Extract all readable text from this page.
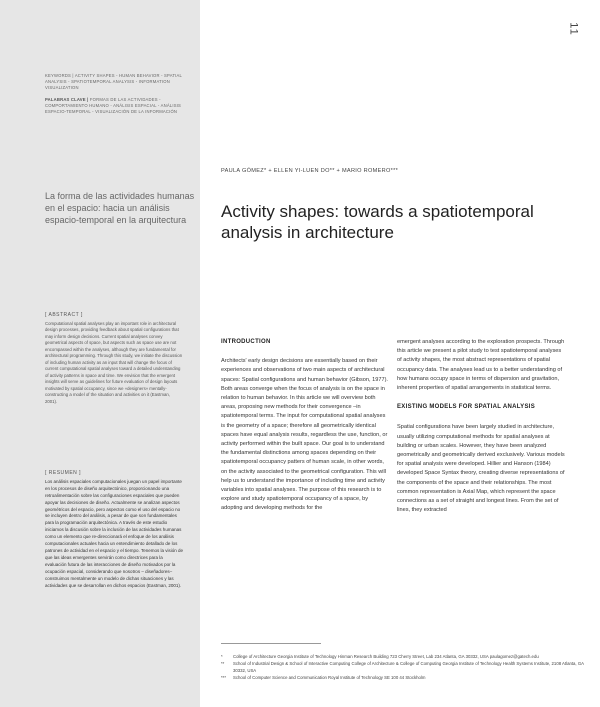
11
KEYWORDS | ACTIVITY SHAPES - HUMAN BEHAVIOR - SPATIAL ANALYSIS - SPATIOTEMPORAL ANALYSIS - INFORMATION VISUALIZATION
PALABRAS CLAVE | FORMAS DE LAS ACTIVIDADES - COMPORTAMIENTO HUMANO - ANÁLISIS ESPACIAL - ANÁLISIS ESPACIO-TEMPORAL - VISUALIZACIÓN DE LA INFORMACIÓN
La forma de las actividades humanas en el espacio: hacia un análisis espacio-temporal en la arquitectura
[ ABSTRACT ]
Computational spatial analyses play an important role in architectural design processes, providing feedback about spatial configurations that may inform design decisions. Current spatial analyses convey geometrical aspects of space, but aspects such as space use are not encompassed within the analyses, although they are fundamental for architectural programming. Through this study, we initiate the discussion of including human activity as an input that will change the focus of current computational spatial analyses toward a detailed understanding of activity patterns in space and time. We envision that the emergent insights will serve as guidelines for future evaluation of design layouts motivated by spatial occupancy, since we «designers» mentally-constructing a model of the situation and activities on it (Eastman, 2001).
[ RESUMEN ]
Los análisis espaciales computacionales juegan un papel importante en los procesos de diseño arquitectónico, proporcionando una retroalimentación sobre las configuraciones espaciales que pueden apoyar las decisiones de diseño. Actualmente se analizan aspectos geométricos del espacio, pero aspectos como el uso del espacio no se incluyen dentro del análisis, a pesar de que son fundamentales para la programación arquitectónica. A través de este estudio iniciamos la discusión sobre la inclusión de las actividades humanas como un elemento que re-direccionará el enfoque de los análisis computacionales actuales hacia un entendimiento detallado de los patrones de actividad en el espacio y el tiempo. Tenemos la visión de que las ideas emergentes servirán como directrices para la evaluación futura de las interacciones de diseño motivados por la ocupación espacial, considerando que nosotros – diseñadores– construimos mentalmente un modelo de dichas situaciones y las actividades que se desarrollan en dichos espacios (Eastman, 2001).
PAULA GÓMEZ* + ELLEN YI-LUEN DO** + MARIO ROMERO***
Activity shapes: towards a spatiotemporal analysis in architecture
INTRODUCTION

Architects' early design decisions are essentially based on their experiences and observations of two main aspects of architectural spaces: Spatial configurations and human behavior (Gibson, 1977). Both areas converge when the focus of analysis is on the space in relation to human behavior. In this article we will overview both areas, proposing new methods for their convergence –in spatiotemporal terms. The input for computational spatial analyses is the geometry of a space; therefore all geometrically identical spaces have equal analysis results, regardless the use, function, or activity performed within the built space. Our goal is to understand the fundamental distinctions among spaces depending on their spatiotemporal occupancy patters of human scale, in other words, on the activity associated to the geometrical configuration. This will help us to understand the importance of including time and activity variables into spatial analyses. The purpose of this research is to explore and study spatiotemporal occupancy of a space, by adopting and developing methods for the

emergent analyses according to the exploration prospects. Through this article we present a pilot study to test spatiotemporal analyses of activity shapes, the most abstract representations of spatial occupancy data. The analyses lead us to a better understanding of how humans occupy space in terms of dispersion and gravitation, inherent properties of spatial arrangements in statistical terms.

EXISTING MODELS FOR SPATIAL ANALYSIS

Spatial configurations have been largely studied in architecture, usually utilizing computational methods for spatial analyses at building or urban scales. However, they have been analyzed geometrically and geometrically derived exclusively. Various models for spatial analysis were developed. Hillier and Hanson (1984) developed Space Syntax theory, creating diverse representations of the components of the space and their relationships. The most common representation is Axial Map, which represent the space connections as a set of straight and longest lines. From the set of lines, they extracted

*	College of Architecture Georgia Institute of Technology Hinman Research Building 723 Cherry Street, Lab 234 Atlanta, GA 30332, USA paulagomez@gatech.edu
**	School of Industrial Design & School of Interactive Computing College of Architecture & College of Computing Georgia Institute of Technology Health Systems Institute, 2108 Atlanta, GA 30332, USA
***	School of Computer Science and Communication Royal Institute of Technology SE 100 44 Stockholm
